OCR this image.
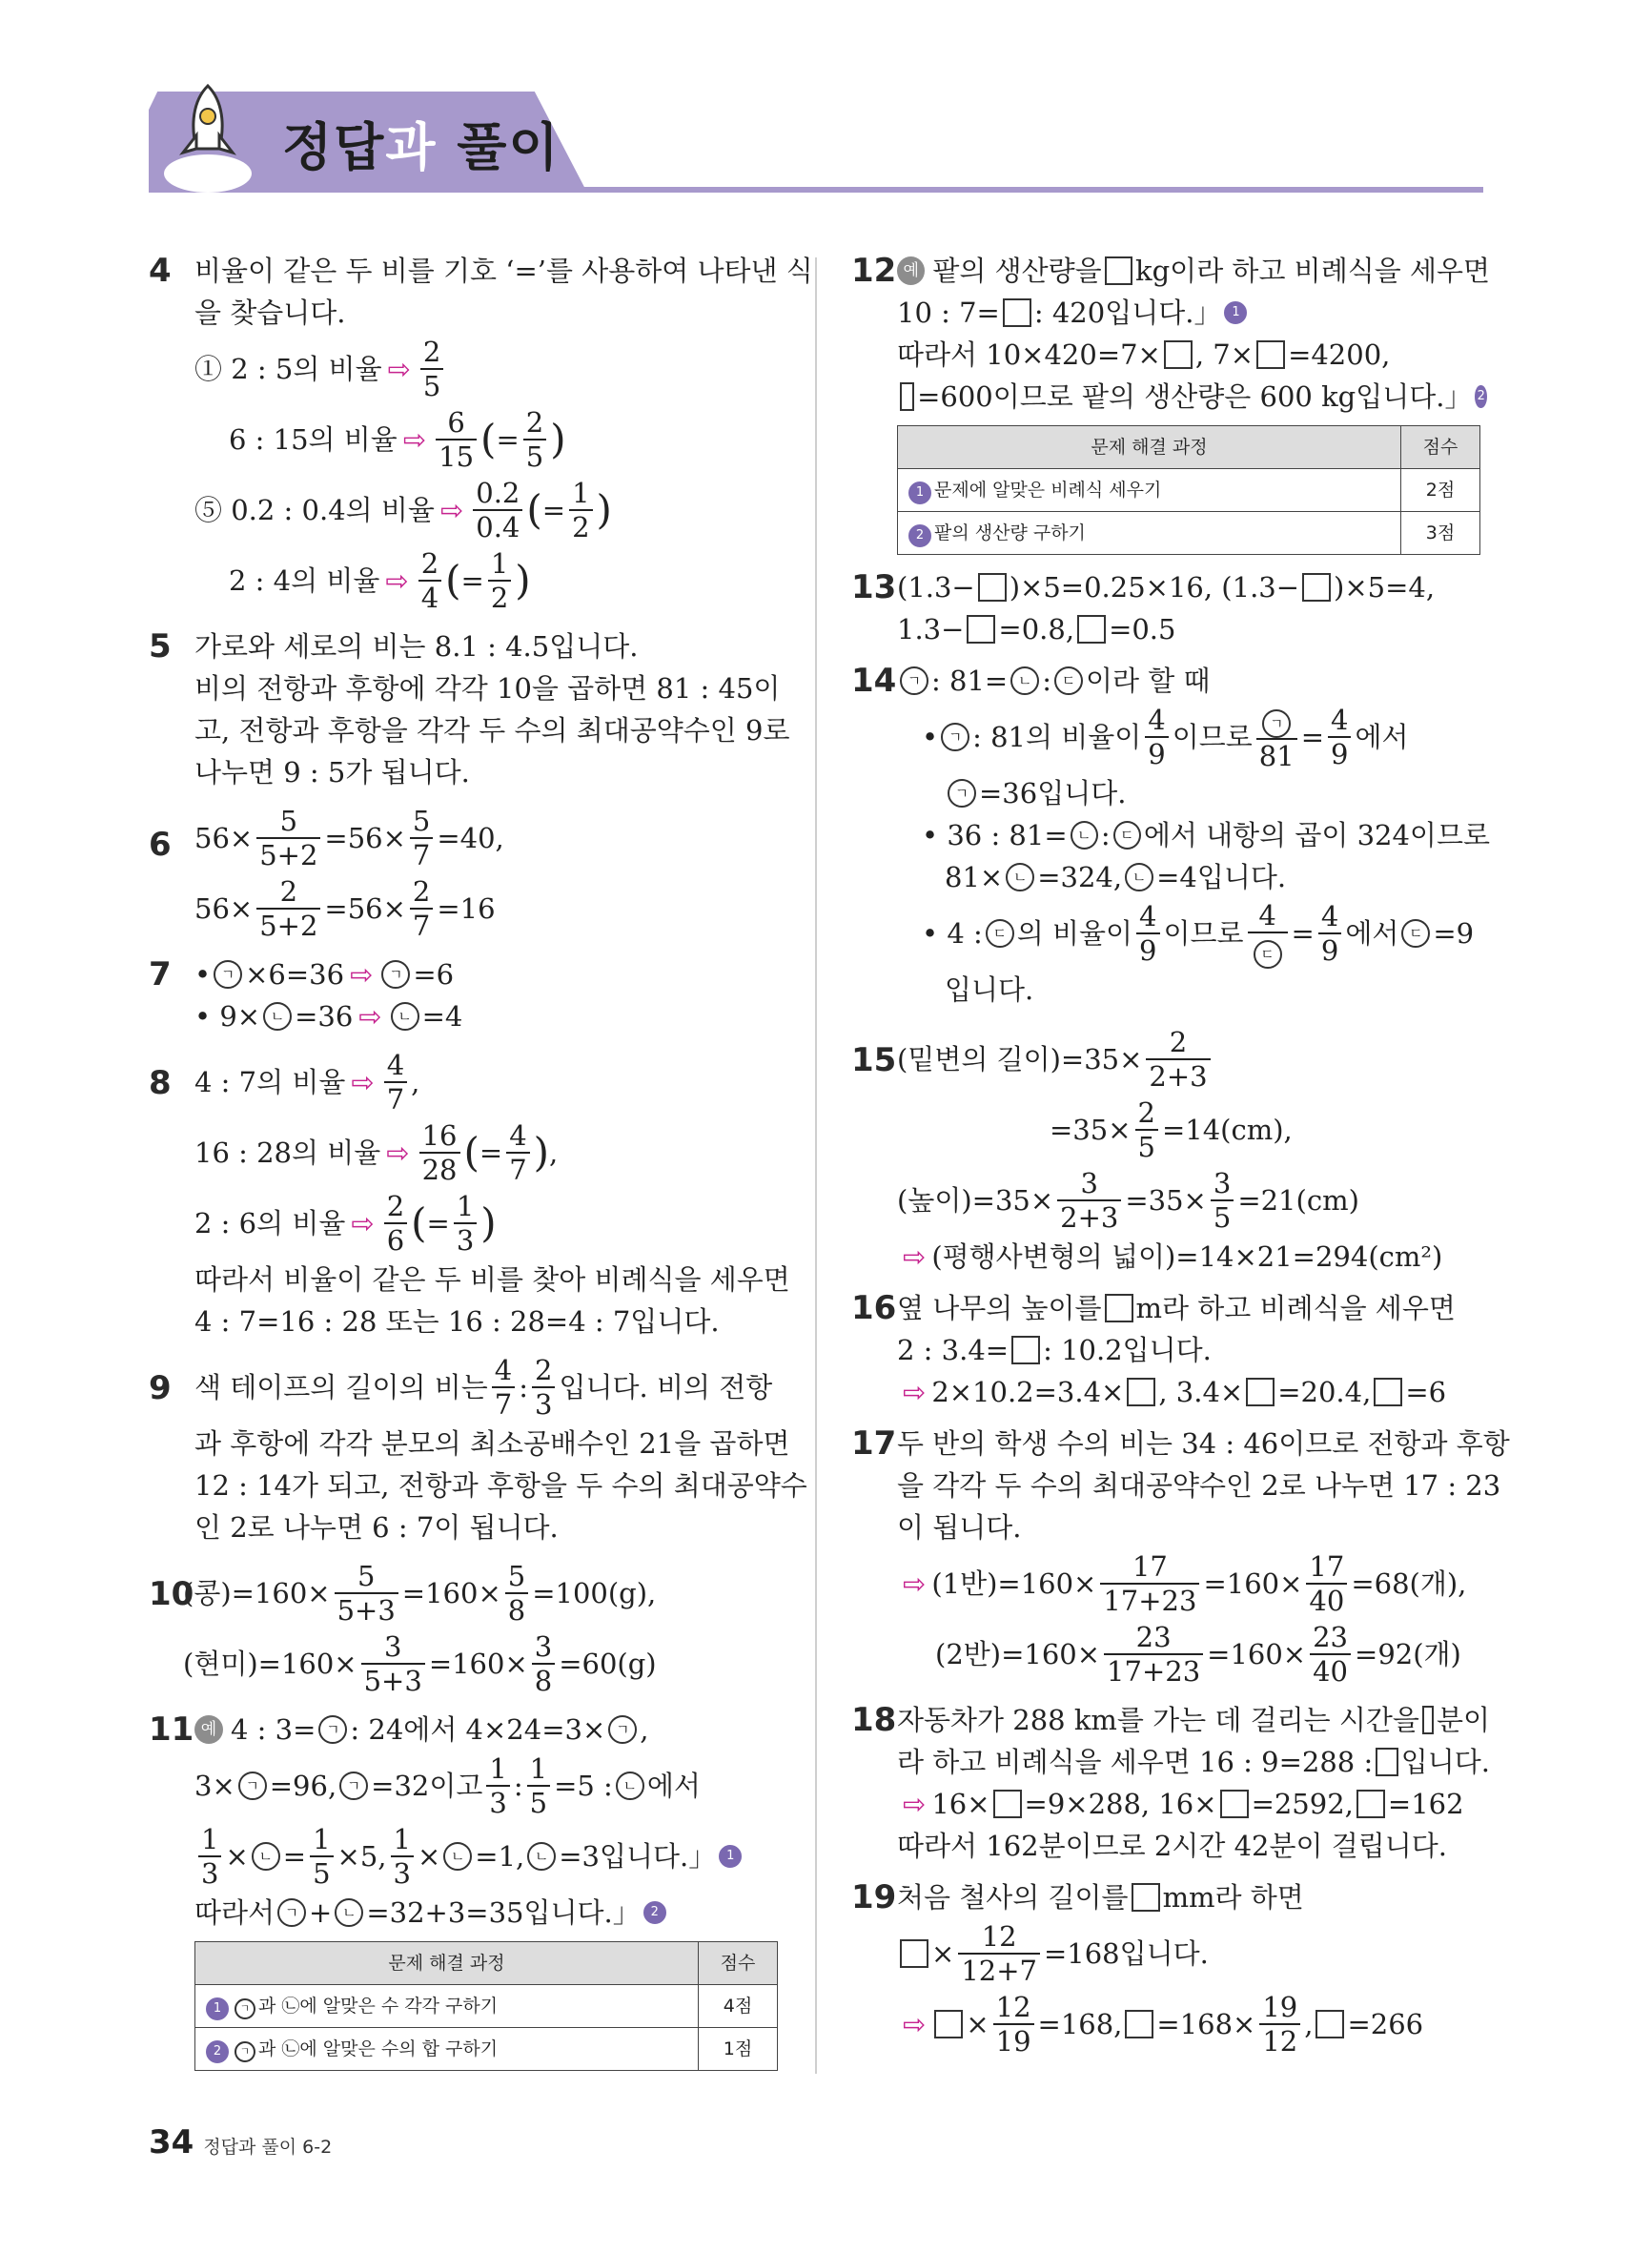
정답과 풀이
4 비율이 같은 두 비를 기호 ‘=’를 사용하여 나타낸 식
을 찾습니다.
① 2 : 5의 비율 ⇨ $\frac{2}{5}$
6 : 15의 비율 ⇨ $\frac{6}{15}$ ( = $\frac{2}{5}$ )
⑤ 0.2 : 0.4의 비율 ⇨ $\frac{0.2}{0.4}$ ( = $\frac{1}{2}$ )
2 : 4의 비율 ⇨ $\frac{2}{4}$ ( = $\frac{1}{2}$ )
5 가로와 세로의 비는 8.1 : 4.5입니다.
비의 전항과 후항에 각각 10을 곱하면 81 : 45이
고, 전항과 후항을 각각 두 수의 최대공약수인 9로
나누면 9 : 5가 됩니다.
6 $56\times \frac{5}{5+2} =56\times \frac{5}{7} =40$,
$56\times \frac{2}{5+2} =56\times \frac{2}{7} =16$
7 • ㄱ ×6=36 ⇨	ㄱ =6
• 9× ㄴ =36 ⇨	ㄴ =4
8 4 : 7의 비율 ⇨ $\frac{4}{7}$ ,
16 : 28의 비율 ⇨ $\frac{16}{28}$ ( = $\frac{4}{7}$ ) ,
2 : 6의 비율 ⇨ $\frac{2}{6}$ ( = $\frac{1}{3}$ )
따라서 비율이 같은 두 비를 찾아 비례식을 세우면
4 : 7=16 : 28 또는 16 : 28=4 : 7입니다.
9 색 테이프의 길이의 비는 $\frac{4}{7}$ : $\frac{2}{3}$ 입니다. 비의 전항
과 후항에 각각 분모의 최소공배수인 21을 곱하면
12 : 14가 되고, 전항과 후항을 두 수의 최대공약수
인 2로 나누면 6 : 7이 됩니다.
10
(콩)$=160\times \frac{5}{5+3} =160\times \frac{5}{8} =100(g)$,
(현미)$=160\times \frac{3}{5+3} =160\times \frac{3}{8} =60(g)$
11 예 4 : 3= ㄱ : 24에서 4×24=3× ㄱ ,
3× ㄱ =96, ㄱ =32이고 $\frac{1}{3}$ : $\frac{1}{5} =5$ : ㄴ 에서
$\frac{1}{3}$ × ㄴ = $\frac{1}{5} \times 5$, $\frac{1}{3}$ × ㄴ =1, ㄴ =3입니다.」 1
따라서 ㄱ + ㄴ =32+3=35입니다.」 2
문제 해결 과정	점수
1 ㄱ 과 ㉡에 알맞은 수 각각 구하기	4점
2 ㄱ 과 ㉡에 알맞은 수의 합 구하기	1점
12 예 팥의 생산량을 kg이라 하고 비례식을 세우면
10 : 7= : 420입니다.」 1
따라서 10×420=7× , 7× =4200,
=600이므로 팥의 생산량은 600 kg입니다.」 2
문제 해결 과정	점수
1 문제에 알맞은 비례식 세우기	2점
2 팥의 생산량 구하기	3점
13 (1.3− )×5=0.25×16, (1.3− )×5=4,
1.3− =0.8, =0.5
14 ㄱ : 81= ㄴ : ㄷ 이라 할 때
• ㄱ : 81의 비율이 $\frac{4}{9}$ 이므로 $\frac{\text{ㄱ}}{81} = \frac{4}{9}$ 에서
ㄱ =36입니다.
• 36 : 81= ㄴ : ㄷ 에서 내항의 곱이 324이므로
81× ㄴ =324, ㄴ =4입니다.
• 4 : ㄷ 의 비율이 $\frac{4}{9}$ 이므로 $\frac{4}{\text{ㄷ}} = \frac{4}{9}$ 에서 ㄷ =9
입니다.
15 (밑변의 길이)$=35\times \frac{2}{2+3}$
$=35\times \frac{2}{5} =14(cm)$,
(높이)$=35\times \frac{3}{2+3} =35\times \frac{3}{5} =21(cm)$
⇨ (평행사변형의 넓이)=14×21=294(cm²)
16 옆 나무의 높이를 m라 하고 비례식을 세우면
2 : 3.4= : 10.2입니다.
⇨ 2×10.2=3.4× , 3.4× =20.4, =6
17 두 반의 학생 수의 비는 34 : 46이므로 전항과 후항
을 각각 두 수의 최대공약수인 2로 나누면 17 : 23
이 됩니다.
⇨ (1반)$=160\times \frac{17}{17+23} =160\times \frac{17}{40} =68$(개),
(2반)$=160\times \frac{23}{17+23} =160\times \frac{23}{40} =92$(개)
18 자동차가 288 km를 가는 데 걸리는 시간을 분이
라 하고 비례식을 세우면 16 : 9=288 : 입니다.
⇨ 16× =9×288, 16× =2592, =162
따라서 162분이므로 2시간 42분이 걸립니다.
19 처음 철사의 길이를 mm라 하면
× $\frac{12}{12+7} =168$입니다.
⇨ × $\frac{12}{19} =168$, $=168\times \frac{19}{12}$ , =266
34 정답과 풀이 6-2
